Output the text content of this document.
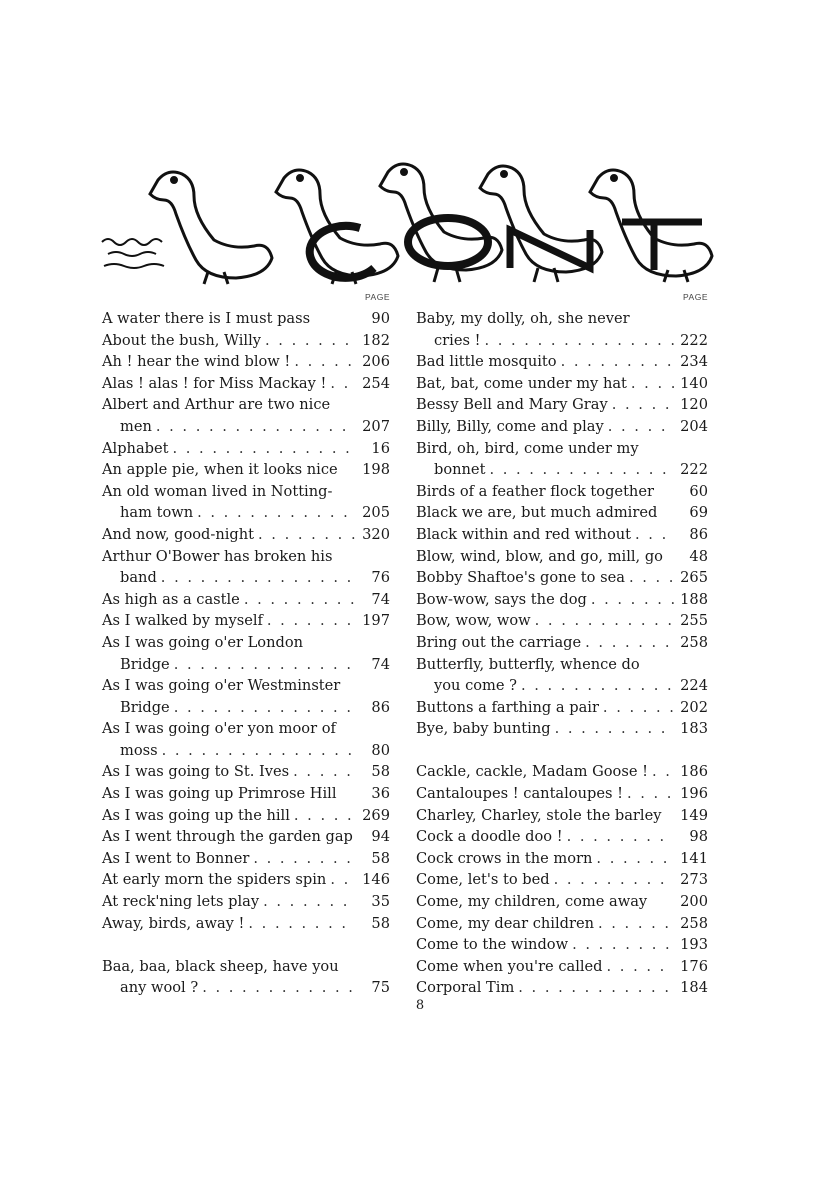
PAGE
A water there is I must pass	90
About the bush, Willy . . .	182
Ah ! hear the wind blow ! . . .	206
Alas ! alas ! for Miss Mackay ! . . .	254
Albert and Arthur are two nice
men . . .	207
Alphabet . . .	16
An apple pie, when it looks nice	198
An old woman lived in Notting-
ham town . . .	205
And now, good-night . . .	320
Arthur O'Bower has broken his
band . . .	76
As high as a castle . . .	74
As I walked by myself . . .	197
As I was going o'er London
Bridge . . .	74
As I was going o'er Westminster
Bridge . . .	86
As I was going o'er yon moor of
moss . . .	80
As I was going to St. Ives . . .	58
As I was going up Primrose Hill	36
As I was going up the hill . . .	269
As I went through the garden gap	94
As I went to Bonner . . .	58
At early morn the spiders spin . . .	146
At reck'ning lets play . . .	35
Away, birds, away ! . . .	58
Baa, baa, black sheep, have you
any wool ? . . .	75
PAGE
Baby, my dolly, oh, she never
cries ! . . .	222
Bad little mosquito . . .	234
Bat, bat, come under my hat . . .	140
Bessy Bell and Mary Gray . . .	120
Billy, Billy, come and play . . .	204
Bird, oh, bird, come under my
bonnet . . .	222
Birds of a feather flock together	60
Black we are, but much admired	69
Black within and red without . . .	86
Blow, wind, blow, and go, mill, go	48
Bobby Shaftoe's gone to sea . . .	265
Bow-wow, says the dog . . .	188
Bow, wow, wow . . .	255
Bring out the carriage . . .	258
Butterfly, butterfly, whence do
you come ? . . .	224
Buttons a farthing a pair . . .	202
Bye, baby bunting . . .	183
Cackle, cackle, Madam Goose ! . . .	186
Cantaloupes ! cantaloupes ! . . .	196
Charley, Charley, stole the barley	149
Cock a doodle doo ! . . .	98
Cock crows in the morn . . .	141
Come, let's to bed . . .	273
Come, my children, come away	200
Come, my dear children . . .	258
Come to the window . . .	193
Come when you're called . . .	176
Corporal Tim . . .	184
8
